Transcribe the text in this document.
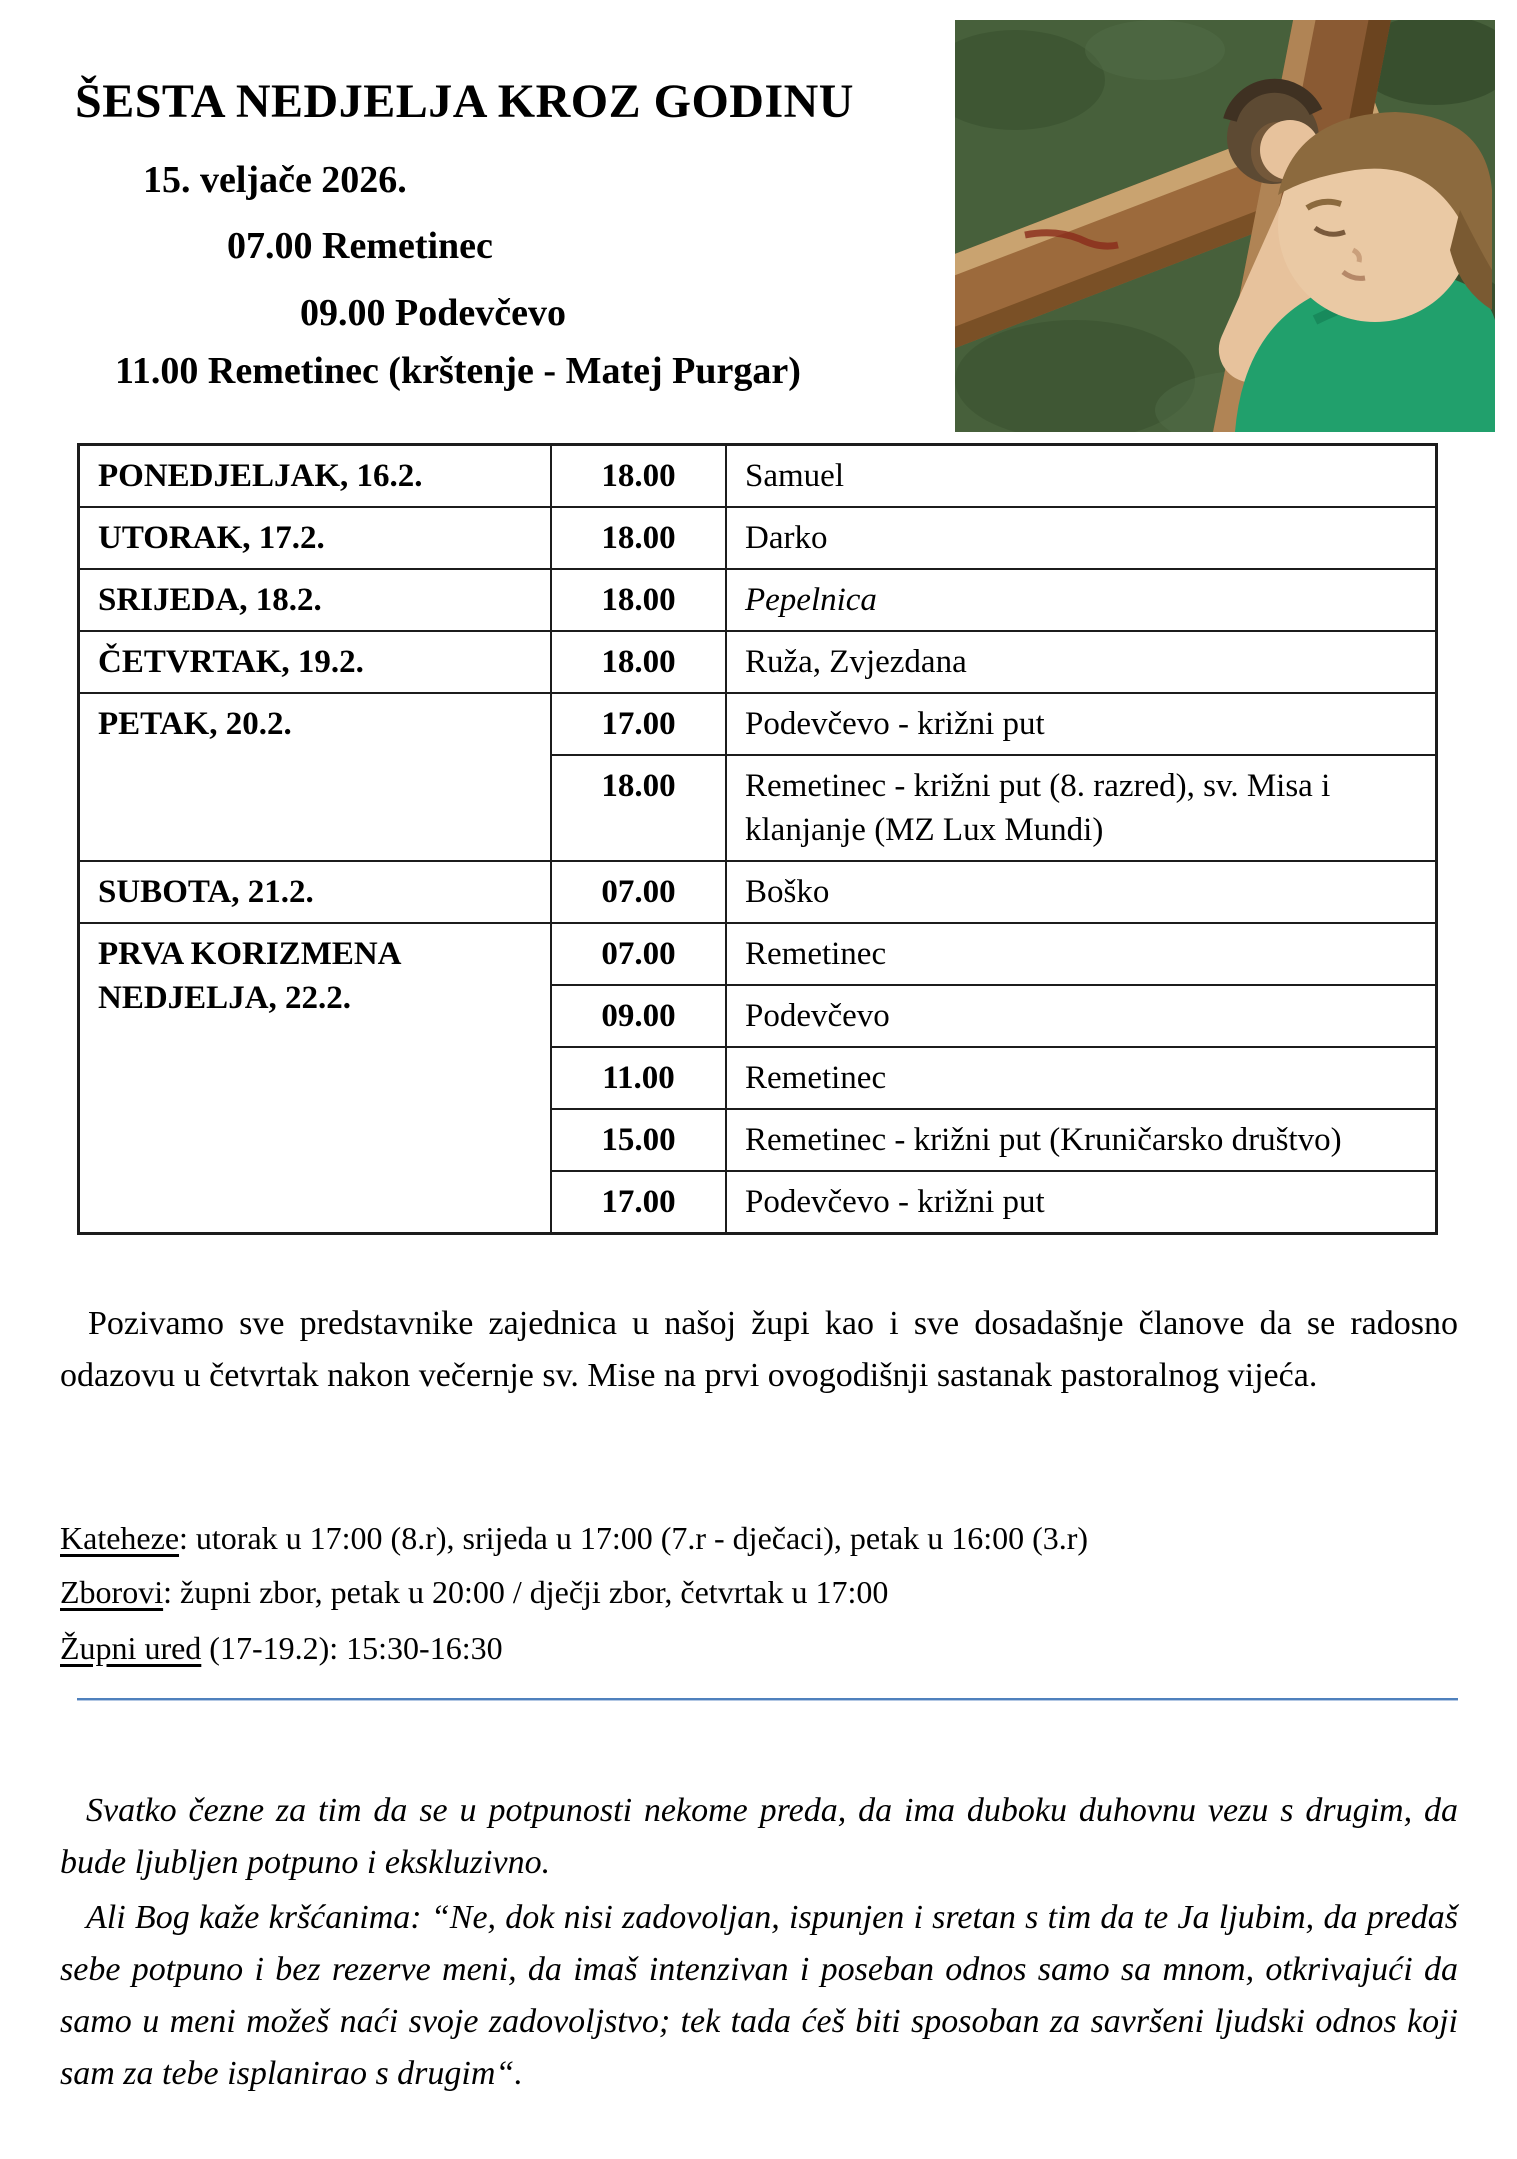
ŠESTA NEDJELJA KROZ GODINU
15. veljače 2026.
07.00 Remetinec
09.00 Podevčevo
11.00 Remetinec (krštenje - Matej Purgar)
PONEDJELJAK, 16.2.	18.00	Samuel
UTORAK, 17.2.	18.00	Darko
SRIJEDA, 18.2.	18.00	Pepelnica
ČETVRTAK, 19.2.	18.00	Ruža, Zvjezdana
PETAK, 20.2.	17.00	Podevčevo - križni put
	18.00	Remetinec - križni put (8. razred), sv. Misa i klanjanje (MZ Lux Mundi)
SUBOTA, 21.2.	07.00	Boško
PRVA KORIZMENA NEDJELJA, 22.2.	07.00	Remetinec
	09.00	Podevčevo
	11.00	Remetinec
	15.00	Remetinec - križni put (Kruničarsko društvo)
	17.00	Podevčevo - križni put

Pozivamo sve predstavnike zajednica u našoj župi kao i sve dosadašnje članove da se radosno odazovu u četvrtak nakon večernje sv. Mise na prvi ovogodišnji sastanak pastoralnog vijeća.

Kateheze: utorak u 17:00 (8.r), srijeda u 17:00 (7.r - dječaci), petak u 16:00 (3.r)

Zborovi: župni zbor, petak u 20:00 / dječji zbor, četvrtak u 17:00

Župni ured (17-19.2): 15:30-16:30

Svatko čezne za tim da se u potpunosti nekome preda, da ima duboku duhovnu vezu s drugim, da bude ljubljen potpuno i ekskluzivno.

Ali Bog kaže kršćanima: “Ne, dok nisi zadovoljan, ispunjen i sretan s tim da te Ja ljubim, da predaš sebe potpuno i bez rezerve meni, da imaš intenzivan i poseban odnos samo sa mnom, otkrivajući da samo u meni možeš naći svoje zadovoljstvo; tek tada ćeš biti sposoban za savršeni ljudski odnos koji sam za tebe isplanirao s drugim“.
